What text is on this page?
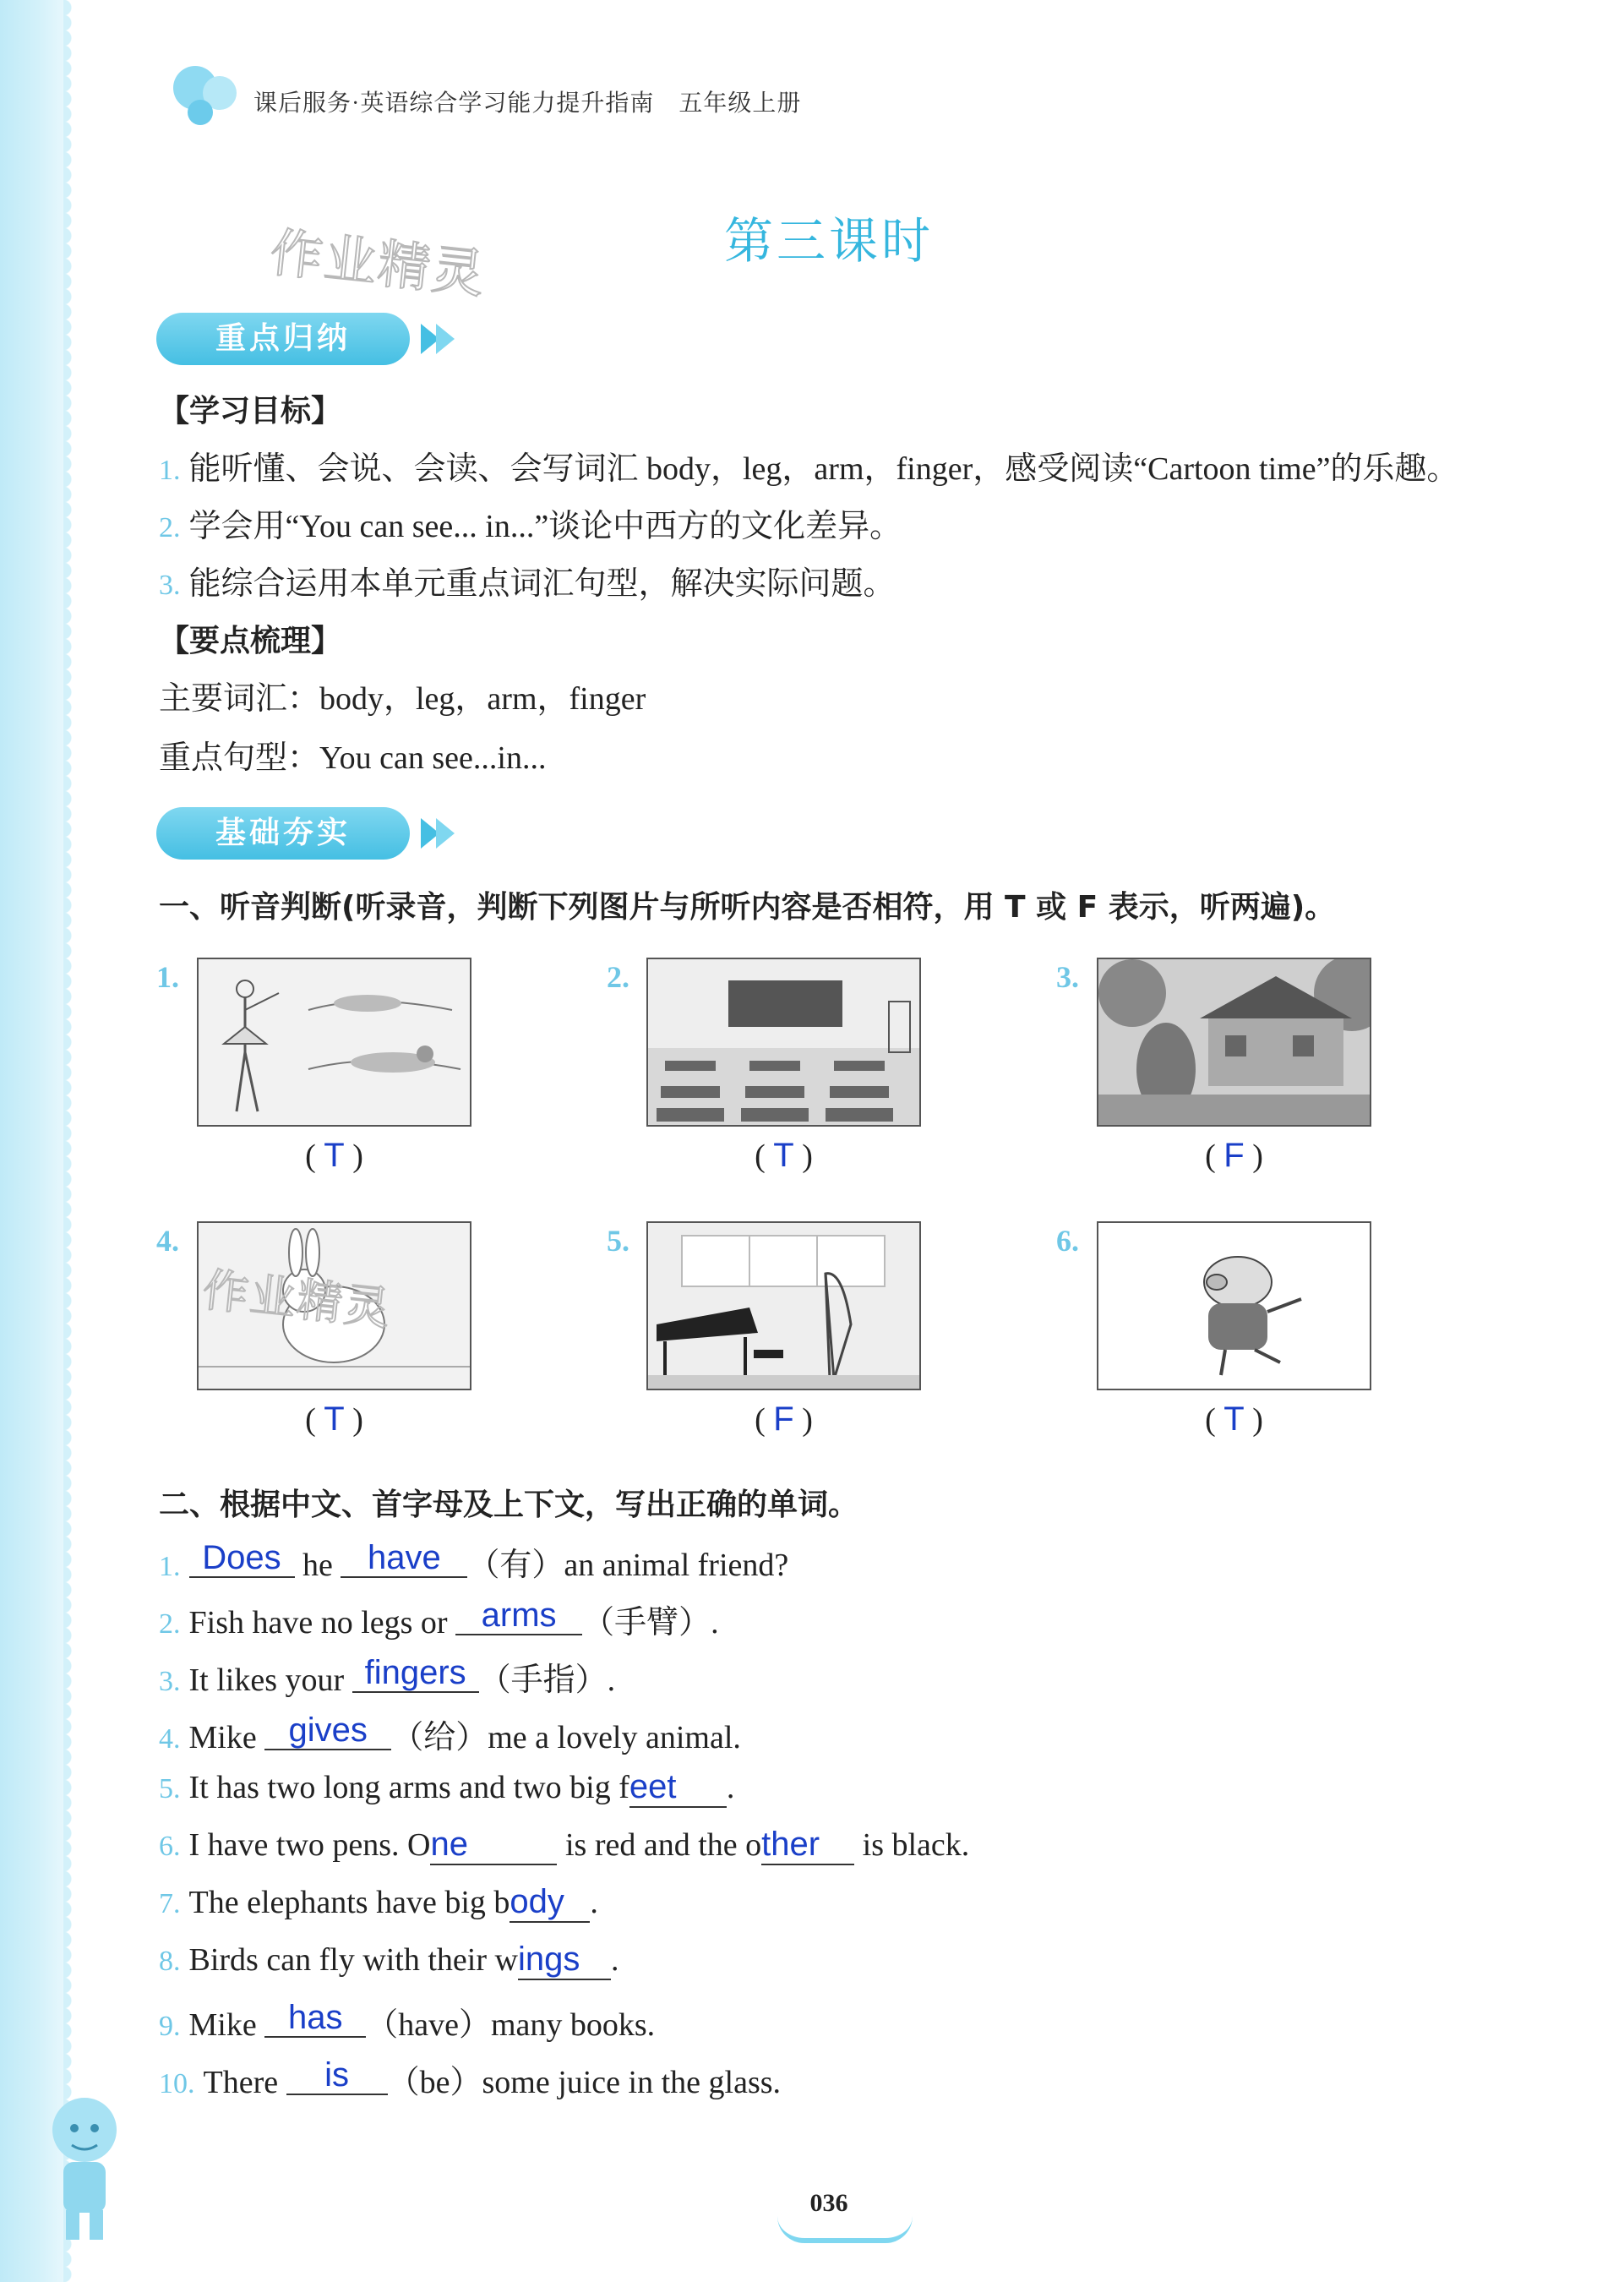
课后服务·英语综合学习能力提升指南　五年级上册
第三课时
作业精灵
重点归纳
【学习目标】
1. 能听懂、会说、会读、会写词汇 body，leg，arm，finger，感受阅读“Cartoon time”的乐趣。
2. 学会用“You can see... in...”谈论中西方的文化差异。
3. 能综合运用本单元重点词汇句型，解决实际问题。
【要点梳理】
主要词汇：body，leg，arm，finger
重点句型：You can see...in...
基础夯实
一、听音判断(听录音，判断下列图片与所听内容是否相符，用 T 或 F 表示，听两遍)。
1.
( T )
2.
( T )
3.
( F )
4.
作业精灵
( T )
5.
( F )
6.
( T )
二、根据中文、首字母及上下文，写出正确的单词。
1. Does he have （有）an animal friend?
2. Fish have no legs or arms （手臂）.
3. It likes your fingers （手指）.
4. Mike gives （给）me a lovely animal.
5. It has two long arms and two big feet .
6. I have two pens. One	is red and the other is black.
7. The elephants have big body .
8. Birds can fly with their wings .
9. Mike has （have）many books.
10. There is （be）some juice in the glass.
036
